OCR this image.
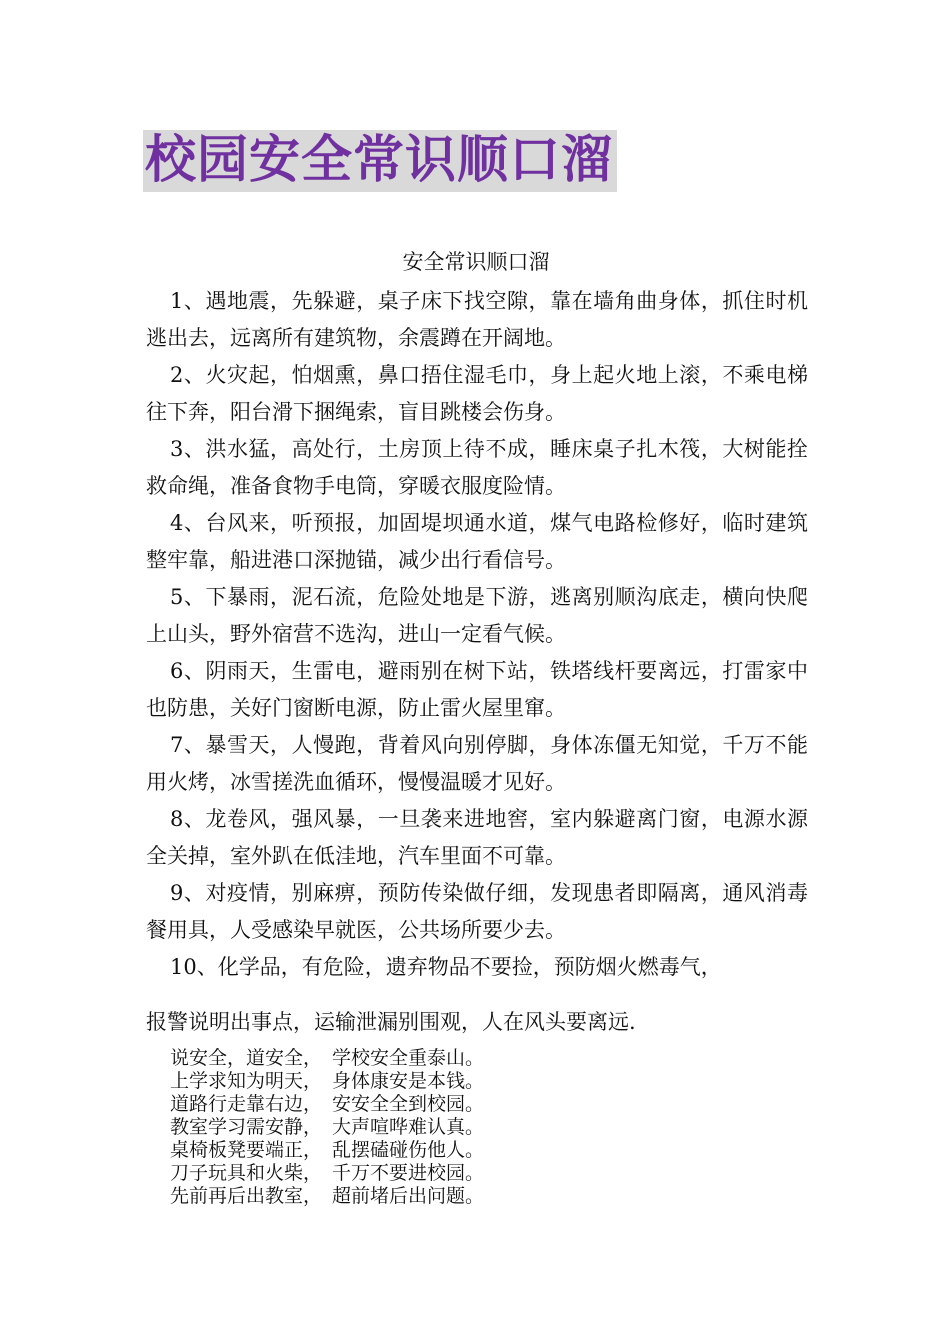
校园安全常识顺口溜
安全常识顺口溜

1、遇地震，先躲避，桌子床下找空隙，靠在墙角曲身体，抓住时机逃出去，远离所有建筑物，余震蹲在开阔地。

2、火灾起，怕烟熏，鼻口捂住湿毛巾，身上起火地上滚，不乘电梯往下奔，阳台滑下捆绳索，盲目跳楼会伤身。

3、洪水猛，高处行，土房顶上待不成，睡床桌子扎木筏，大树能拴救命绳，准备食物手电筒，穿暖衣服度险情。

4、台风来，听预报，加固堤坝通水道，煤气电路检修好，临时建筑整牢靠，船进港口深抛锚，减少出行看信号。

5、下暴雨，泥石流，危险处地是下游，逃离别顺沟底走，横向快爬上山头，野外宿营不选沟，进山一定看气候。

6、阴雨天，生雷电，避雨别在树下站，铁塔线杆要离远，打雷家中也防患，关好门窗断电源，防止雷火屋里窜。

7、暴雪天，人慢跑，背着风向别停脚，身体冻僵无知觉，千万不能用火烤，冰雪搓洗血循环，慢慢温暖才见好。

8、龙卷风，强风暴，一旦袭来进地窖，室内躲避离门窗，电源水源全关掉，室外趴在低洼地，汽车里面不可靠。

9、对疫情，别麻痹，预防传染做仔细，发现患者即隔离，通风消毒餐用具，人受感染早就医，公共场所要少去。

10、化学品，有危险，遗弃物品不要捡，预防烟火燃毒气，
报警说明出事点，运输泄漏别围观，人在风头要离远.
说安全，道安全， 学校安全重泰山。
上学求知为明天， 身体康安是本钱。
道路行走靠右边， 安安全全到校园。
教室学习需安静， 大声喧哗难认真。
桌椅板凳要端正， 乱摆磕碰伤他人。
刀子玩具和火柴， 千万不要进校园。
先前再后出教室， 超前堵后出问题。
